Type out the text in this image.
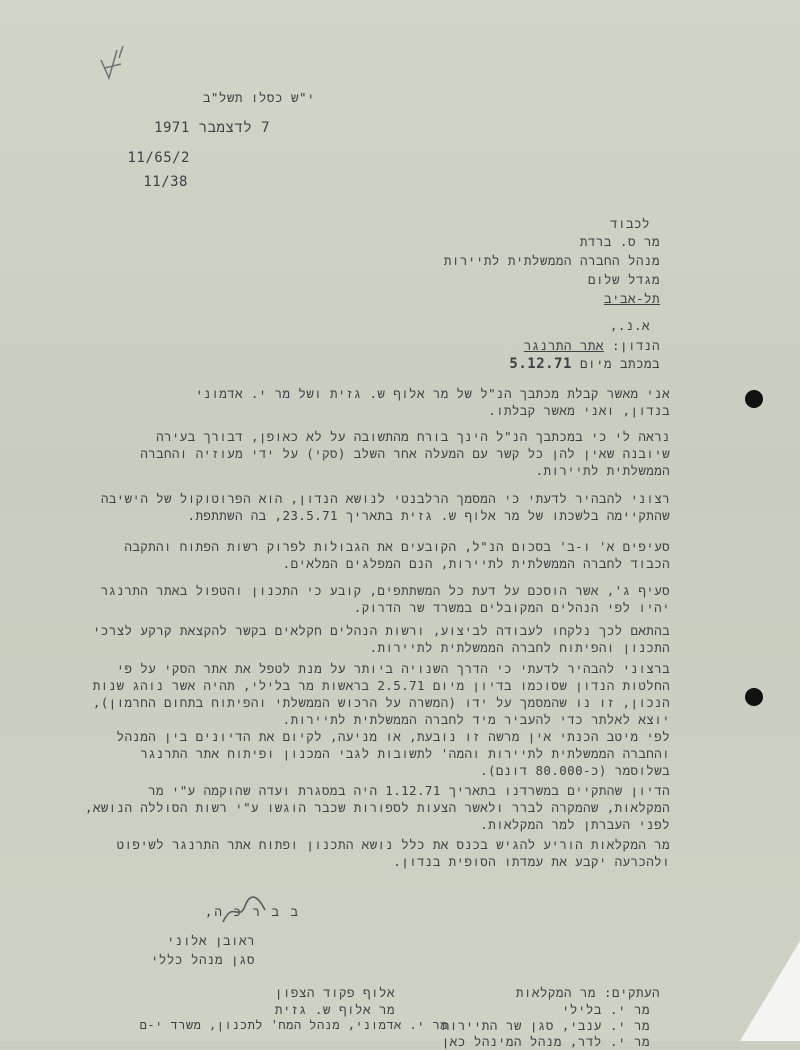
י"ש כסלו תשל"ב
7 לדצמבר 1971
11/65/2
11/38
לכבוד
מר ס. ברדת
מנהל החברה הממשלתית לתיירות
מגדל שלום
תל-אביב
א.נ.,
הנדון: אתר התרנגר
במכתב מיום 5.12.71
אני מאשר קבלת מכתבך הנ"ל של מר אלוף ש. גזית ושל מר י. אדמוני בנדון, ואני מאשר קבלתו.
נראה לי כי במכתבך הנ"ל הינך בורח מהתשובה על לא כאופן, דבורך בעירה שיובנה שאין להן כל קשר עם המעלה אחר השלב (סקי) על ידי מעוזיה והחברה הממשלתית לתיירות.
רצוני להבהיר לדעתי כי המסמך הרלבנטי לנושא הנדון, הוא הפרוטוקול של הישיבה שהתקיימה בלשכתו של מר אלוף ש. גזית בתאריך 23.5.71, בה השתתפת.
סעיפים א' ו-ב' בסכום הנ"ל, הקובעים את הגבולות לפרוק רשות הפתוח והתקבה הכבוד לחברה הממשלתית לתיירות, הנם המפלגים המלאים.
סעיף ג', אשר הוסכם על דעת כל המשתתפים, קובע כי התכנון והטפול באתר התרנגר יהיו לפי הנהלים המקובלים במשרד שר הדרוק.
בהתאם לכך נלקחו לעבודה לביצוע, ורשות הנהלים חקלאים בקשר להקצאת קרקע לצרכי התכנון והפיתוח לחברה הממשלתית לתיירות.
ברצוני להבהיר לדעתי כי הדרך השנויה ביותר על מנת לטפל את אתר הסקי על פי החלטות הנדון שסוכמו בדיון מיום 2.5.71 בראשות מר בלילי, תהיה אשר נוהג שנות הנכון, זו נו שהמסמך על ידו (המשרה על הרכוש הממשלתי והפיתוח בתחום החרמון), יוצא לאלתר כדי להעביר מיד לחברה הממשלתית לתיירות.
לפי מיטב הכנתי אין מרשה זו נובעת, או מניעה, לקיום את הדיונים בין המנהל והחברה הממשלתית לתיירות והמה' לתשובות לגבי המכנון ופיתוח אתר התרנגר בשלוסמר (כ-80.000 דונם).
הדיון שהתקיים במשרדנו בתאריך 1.12.71 היה במסגרת ועדה שהוקמה ע"י מר המקלאות, שהמקרה לברר ולאשר הצעות לספורות שכבר הוגשו ע"י רשות הסוללה הנושא, לפני העברתן למר המקלאות.
מר המקלאות הוריע להגיש בכנס את כלל נושא התכנון ופתוח אתר התרנגר לשיפוט ולהכרעה יקבע את עמדתו הסופית בנדון.
ב ב ר כ ה,
ראובן אלוני
סגן מנהל כללי
העתקים: מר המקלאות
מר י. בלילי
מר י. ענבי, סגן שר התיירות
מר י. לדר, מנהל המינהל כאן
אלוף פקוד הצפון
מר אלוף ש. גזית
מר י. אדמוני, מנהל המח' לתכנון, משרד י-ם
